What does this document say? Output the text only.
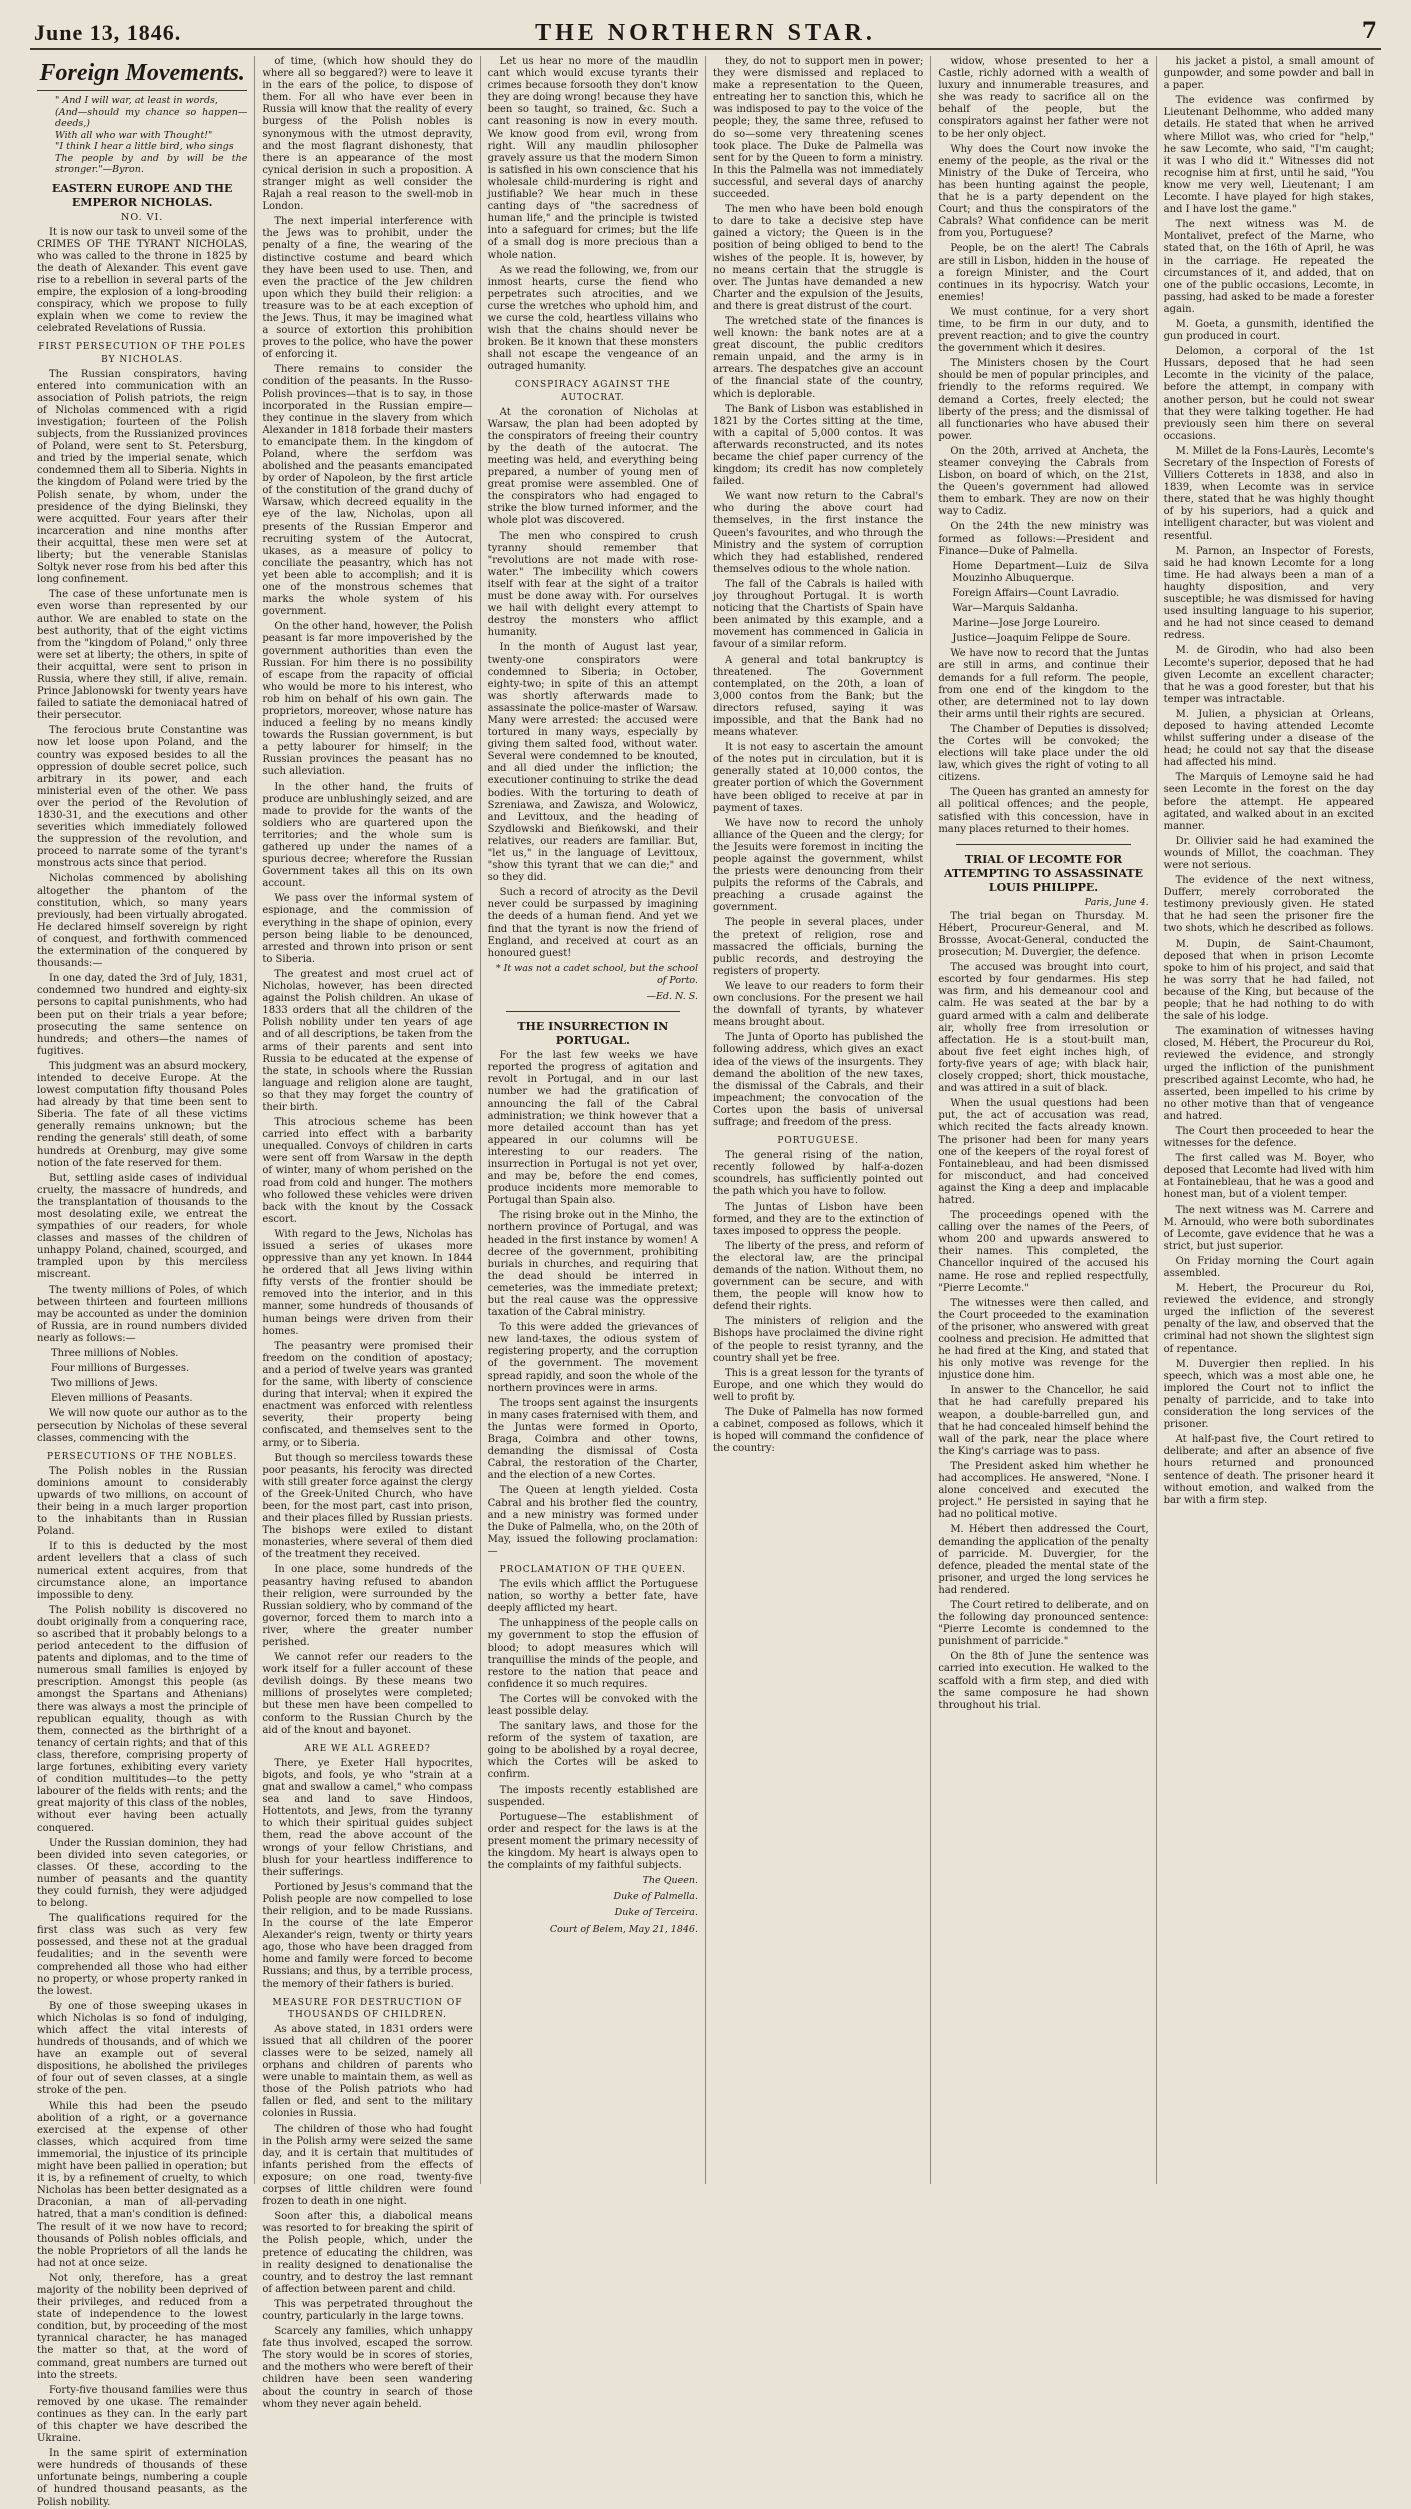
June 13, 1846.	THE NORTHERN STAR.	7
Foreign Movements.
" And I will war, at least in words,
(And—should my chance so happen—deeds,)
With all who war with Thought!"
"I think I hear a little bird, who sings
The people by and by will be the stronger."—Byron.
EASTERN EUROPE AND THE EMPEROR NICHOLAS.
NO. VI.

It is now our task to unveil some of the CRIMES OF THE TYRANT NICHOLAS, who was called to the throne in 1825 by the death of Alexander. This event gave rise to a rebellion in several parts of the empire, the explosion of a long-brooding conspiracy, which we propose to fully explain when we come to review the celebrated Revelations of Russia.

FIRST PERSECUTION OF THE POLES BY NICHOLAS.

The Russian conspirators, having entered into communication with an association of Polish patriots, the reign of Nicholas commenced with a rigid investigation; fourteen of the Polish subjects, from the Russianized provinces of Poland, were sent to St. Petersburg, and tried by the imperial senate, which condemned them all to Siberia. Nights in the kingdom of Poland were tried by the Polish senate, by whom, under the presidence of the dying Bielinski, they were acquitted. Four years after their incarceration and nine months after their acquittal, these men were set at liberty; but the venerable Stanislas Soltyk never rose from his bed after this long confinement.

The case of these unfortunate men is even worse than represented by our author. We are enabled to state on the best authority, that of the eight victims from the "kingdom of Poland," only three were set at liberty; the others, in spite of their acquittal, were sent to prison in Russia, where they still, if alive, remain. Prince Jablonowski for twenty years have failed to satiate the demoniacal hatred of their persecutor.

The ferocious brute Constantine was now let loose upon Poland, and the country was exposed besides to all the oppression of double secret police, such arbitrary in its power, and each ministerial even of the other. We pass over the period of the Revolution of 1830-31, and the executions and other severities which immediately followed the suppression of the revolution, and proceed to narrate some of the tyrant's monstrous acts since that period.

Nicholas commenced by abolishing altogether the phantom of the constitution, which, so many years previously, had been virtually abrogated. He declared himself sovereign by right of conquest, and forthwith commenced the extermination of the conquered by thousands:—

In one day, dated the 3rd of July, 1831, condemned two hundred and eighty-six persons to capital punishments, who had been put on their trials a year before; prosecuting the same sentence on hundreds; and others—the names of fugitives.

This judgment was an absurd mockery, intended to deceive Europe. At the lowest computation fifty thousand Poles had already by that time been sent to Siberia. The fate of all these victims generally remains unknown; but the rending the generals' still death, of some hundreds at Orenburg, may give some notion of the fate reserved for them.

But, settling aside cases of individual cruelty, the massacre of hundreds, and the transplantation of thousands to the most desolating exile, we entreat the sympathies of our readers, for whole classes and masses of the children of unhappy Poland, chained, scourged, and trampled upon by this merciless miscreant.

The twenty millions of Poles, of which between thirteen and fourteen millions may be accounted as under the dominion of Russia, are in round numbers divided nearly as follows:—

Three millions of Nobles.

Four millions of Burgesses.

Two millions of Jews.

Eleven millions of Peasants.

We will now quote our author as to the persecution by Nicholas of these several classes, commencing with the

PERSECUTIONS OF THE NOBLES.

The Polish nobles in the Russian dominions amount to considerably upwards of two millions, on account of their being in a much larger proportion to the inhabitants than in Russian Poland.

If to this is deducted by the most ardent levellers that a class of such numerical extent acquires, from that circumstance alone, an importance impossible to deny.

The Polish nobility is discovered no doubt originally from a conquering race, so ascribed that it probably belongs to a period antecedent to the diffusion of patents and diplomas, and to the time of numerous small families is enjoyed by prescription. Amongst this people (as amongst the Spartans and Athenians) there was always a most the principle of republican equality, though as with them, connected as the birthright of a tenancy of certain rights; and that of this class, therefore, comprising property of large fortunes, exhibiting every variety of condition multitudes—to the petty labourer of the fields with rents; and the great majority of this class of the nobles, without ever having been actually conquered.

Under the Russian dominion, they had been divided into seven categories, or classes. Of these, according to the number of peasants and the quantity they could furnish, they were adjudged to belong.

The qualifications required for the first class was such as very few possessed, and these not at the gradual feudalities; and in the seventh were comprehended all those who had either no property, or whose property ranked in the lowest.

By one of those sweeping ukases in which Nicholas is so fond of indulging, which affect the vital interests of hundreds of thousands, and of which we have an example out of several dispositions, he abolished the privileges of four out of seven classes, at a single stroke of the pen.

While this had been the pseudo abolition of a right, or a governance exercised at the expense of other classes, which acquired from time immemorial, the injustice of its principle might have been pallied in operation; but it is, by a refinement of cruelty, to which Nicholas has been better designated as a Draconian, a man of all-pervading hatred, that a man's condition is defined: The result of it we now have to record; thousands of Polish nobles officials, and the noble Proprietors of all the lands he had not at once seize.

Not only, therefore, has a great majority of the nobility been deprived of their privileges, and reduced from a state of independence to the lowest condition, but, by proceeding of the most tyrannical character, he has managed the matter so that, at the word of command, great numbers are turned out into the streets.

Forty-five thousand families were thus removed by one ukase. The remainder continues as they can. In the early part of this chapter we have described the Ukraine.

In the same spirit of extermination were hundreds of thousands of these unfortunate beings, numbering a couple of hundred thousand peasants, as the Polish nobility.

of time, (which how should they do where all so beggared?) were to leave it in the ears of the police, to dispose of them. For all who have ever been in Russia will know that the reality of every burgess of the Polish nobles is synonymous with the utmost depravity, and the most flagrant dishonesty, that there is an appearance of the most cynical derision in such a proposition. A stranger might as well consider the Rajah a real reason to the swell-mob in London.

The next imperial interference with the Jews was to prohibit, under the penalty of a fine, the wearing of the distinctive costume and beard which they have been used to use. Then, and even the practice of the Jew children upon which they build their religion: a treasure was to be at each exception of the Jews. Thus, it may be imagined what a source of extortion this prohibition proves to the police, who have the power of enforcing it.

There remains to consider the condition of the peasants. In the Russo-Polish provinces—that is to say, in those incorporated in the Russian empire—they continue in the slavery from which Alexander in 1818 forbade their masters to emancipate them. In the kingdom of Poland, where the serfdom was abolished and the peasants emancipated by order of Napoleon, by the first article of the constitution of the grand duchy of Warsaw, which decreed equality in the eye of the law, Nicholas, upon all presents of the Russian Emperor and recruiting system of the Autocrat, ukases, as a measure of policy to conciliate the peasantry, which has not yet been able to accomplish; and it is one of the monstrous schemes that marks the whole system of his government.

On the other hand, however, the Polish peasant is far more impoverished by the government authorities than even the Russian. For him there is no possibility of escape from the rapacity of official who would be more to his interest, who rob him on behalf of his own gain. The proprietors, moreover, whose nature has induced a feeling by no means kindly towards the Russian government, is but a petty labourer for himself; in the Russian provinces the peasant has no such alleviation.

In the other hand, the fruits of produce are unblushingly seized, and are made to provide for the wants of the soldiers who are quartered upon the territories; and the whole sum is gathered up under the names of a spurious decree; wherefore the Russian Government takes all this on its own account.

We pass over the informal system of espionage, and the commission of everything in the shape of opinion, every person being liable to be denounced, arrested and thrown into prison or sent to Siberia.

The greatest and most cruel act of Nicholas, however, has been directed against the Polish children. An ukase of 1833 orders that all the children of the Polish nobility under ten years of age and of all descriptions, be taken from the arms of their parents and sent into Russia to be educated at the expense of the state, in schools where the Russian language and religion alone are taught, so that they may forget the country of their birth.

This atrocious scheme has been carried into effect with a barbarity unequalled. Convoys of children in carts were sent off from Warsaw in the depth of winter, many of whom perished on the road from cold and hunger. The mothers who followed these vehicles were driven back with the knout by the Cossack escort.

With regard to the Jews, Nicholas has issued a series of ukases more oppressive than any yet known. In 1844 he ordered that all Jews living within fifty versts of the frontier should be removed into the interior, and in this manner, some hundreds of thousands of human beings were driven from their homes.

The peasantry were promised their freedom on the condition of apostacy; and a period of twelve years was granted for the same, with liberty of conscience during that interval; when it expired the enactment was enforced with relentless severity, their property being confiscated, and themselves sent to the army, or to Siberia.

But though so merciless towards these poor peasants, his ferocity was directed with still greater force against the clergy of the Greek-United Church, who have been, for the most part, cast into prison, and their places filled by Russian priests. The bishops were exiled to distant monasteries, where several of them died of the treatment they received.

In one place, some hundreds of the peasantry having refused to abandon their religion, were surrounded by the Russian soldiery, who by command of the governor, forced them to march into a river, where the greater number perished.

We cannot refer our readers to the work itself for a fuller account of these devilish doings. By these means two millions of proselytes were completed; but these men have been compelled to conform to the Russian Church by the aid of the knout and bayonet.

ARE WE ALL AGREED?

There, ye Exeter Hall hypocrites, bigots, and fools, ye who "strain at a gnat and swallow a camel," who compass sea and land to save Hindoos, Hottentots, and Jews, from the tyranny to which their spiritual guides subject them, read the above account of the wrongs of your fellow Christians, and blush for your heartless indifference to their sufferings.

Portioned by Jesus's command that the Polish people are now compelled to lose their religion, and to be made Russians. In the course of the late Emperor Alexander's reign, twenty or thirty years ago, those who have been dragged from home and family were forced to become Russians; and thus, by a terrible process, the memory of their fathers is buried.

MEASURE FOR DESTRUCTION OF THOUSANDS OF CHILDREN.

As above stated, in 1831 orders were issued that all children of the poorer classes were to be seized, namely all orphans and children of parents who were unable to maintain them, as well as those of the Polish patriots who had fallen or fled, and sent to the military colonies in Russia.

The children of those who had fought in the Polish army were seized the same day, and it is certain that multitudes of infants perished from the effects of exposure; on one road, twenty-five corpses of little children were found frozen to death in one night.

Soon after this, a diabolical means was resorted to for breaking the spirit of the Polish people, which, under the pretence of educating the children, was in reality designed to denationalise the country, and to destroy the last remnant of affection between parent and child.

This was perpetrated throughout the country, particularly in the large towns.

Scarcely any families, which unhappy fate thus involved, escaped the sorrow. The story would be in scores of stories, and the mothers who were bereft of their children have been seen wandering about the country in search of those whom they never again beheld.

Let us hear no more of the maudlin cant which would excuse tyrants their crimes because forsooth they don't know they are doing wrong! because they have been so taught, so trained, &c. Such a cant reasoning is now in every mouth. We know good from evil, wrong from right. Will any maudlin philosopher gravely assure us that the modern Simon is satisfied in his own conscience that his wholesale child-murdering is right and justifiable? We hear much in these canting days of "the sacredness of human life," and the principle is twisted into a safeguard for crimes; but the life of a small dog is more precious than a whole nation.

As we read the following, we, from our inmost hearts, curse the fiend who perpetrates such atrocities, and we curse the wretches who uphold him, and we curse the cold, heartless villains who wish that the chains should never be broken. Be it known that these monsters shall not escape the vengeance of an outraged humanity.

CONSPIRACY AGAINST THE AUTOCRAT.

At the coronation of Nicholas at Warsaw, the plan had been adopted by the conspirators of freeing their country by the death of the autocrat. The meeting was held, and everything being prepared, a number of young men of great promise were assembled. One of the conspirators who had engaged to strike the blow turned informer, and the whole plot was discovered.

The men who conspired to crush tyranny should remember that "revolutions are not made with rose-water." The imbecility which cowers itself with fear at the sight of a traitor must be done away with. For ourselves we hail with delight every attempt to destroy the monsters who afflict humanity.

In the month of August last year, twenty-one conspirators were condemned to Siberia; in October, eighty-two; in spite of this an attempt was shortly afterwards made to assassinate the police-master of Warsaw. Many were arrested: the accused were tortured in many ways, especially by giving them salted food, without water. Several were condemned to be knouted, and all died under the infliction; the executioner continuing to strike the dead bodies. With the torturing to death of Szreniawa, and Zawisza, and Wolowicz, and Levittoux, and the heading of Szydlowski and Bieńkowski, and their relatives, our readers are familiar. But, "let us," in the language of Levittoux, "show this tyrant that we can die;" and so they did.

Such a record of atrocity as the Devil never could be surpassed by imagining the deeds of a human fiend. And yet we find that the tyrant is now the friend of England, and received at court as an honoured guest!

* It was not a cadet school, but the school of Porto.
—Ed. N. S.
THE INSURRECTION IN PORTUGAL.

For the last few weeks we have reported the progress of agitation and revolt in Portugal, and in our last number we had the gratification of announcing the fall of the Cabral administration; we think however that a more detailed account than has yet appeared in our columns will be interesting to our readers. The insurrection in Portugal is not yet over, and may be, before the end comes, produce incidents more memorable to Portugal than Spain also.

The rising broke out in the Minho, the northern province of Portugal, and was headed in the first instance by women! A decree of the government, prohibiting burials in churches, and requiring that the dead should be interred in cemeteries, was the immediate pretext; but the real cause was the oppressive taxation of the Cabral ministry.

To this were added the grievances of new land-taxes, the odious system of registering property, and the corruption of the government. The movement spread rapidly, and soon the whole of the northern provinces were in arms.

The troops sent against the insurgents in many cases fraternised with them, and the Juntas were formed in Oporto, Braga, Coimbra and other towns, demanding the dismissal of Costa Cabral, the restoration of the Charter, and the election of a new Cortes.

The Queen at length yielded. Costa Cabral and his brother fled the country, and a new ministry was formed under the Duke of Palmella, who, on the 20th of May, issued the following proclamation:—

PROCLAMATION OF THE QUEEN.

The evils which afflict the Portuguese nation, so worthy a better fate, have deeply afflicted my heart.

The unhappiness of the people calls on my government to stop the effusion of blood; to adopt measures which will tranquillise the minds of the people, and restore to the nation that peace and confidence it so much requires.

The Cortes will be convoked with the least possible delay.

The sanitary laws, and those for the reform of the system of taxation, are going to be abolished by a royal decree, which the Cortes will be asked to confirm.

The imposts recently established are suspended.

Portuguese—The establishment of order and respect for the laws is at the present moment the primary necessity of the kingdom. My heart is always open to the complaints of my faithful subjects.

The Queen.
Duke of Palmella.
Duke of Terceira.
Court of Belem, May 21, 1846.

they, do not to support men in power; they were dismissed and replaced to make a representation to the Queen, entreating her to sanction this, which he was indisposed to pay to the voice of the people; they, the same three, refused to do so—some very threatening scenes took place. The Duke de Palmella was sent for by the Queen to form a ministry. In this the Palmella was not immediately successful, and several days of anarchy succeeded.

The men who have been bold enough to dare to take a decisive step have gained a victory; the Queen is in the position of being obliged to bend to the wishes of the people. It is, however, by no means certain that the struggle is over. The Juntas have demanded a new Charter and the expulsion of the Jesuits, and there is great distrust of the court.

The wretched state of the finances is well known: the bank notes are at a great discount, the public creditors remain unpaid, and the army is in arrears. The despatches give an account of the financial state of the country, which is deplorable.

The Bank of Lisbon was established in 1821 by the Cortes sitting at the time, with a capital of 5,000 contos. It was afterwards reconstructed, and its notes became the chief paper currency of the kingdom; its credit has now completely failed.

We want now return to the Cabral's who during the above court had themselves, in the first instance the Queen's favourites, and who through the Ministry and the system of corruption which they had established, rendered themselves odious to the whole nation.

The fall of the Cabrals is hailed with joy throughout Portugal. It is worth noticing that the Chartists of Spain have been animated by this example, and a movement has commenced in Galicia in favour of a similar reform.

A general and total bankruptcy is threatened. The Government contemplated, on the 20th, a loan of 3,000 contos from the Bank; but the directors refused, saying it was impossible, and that the Bank had no means whatever.

It is not easy to ascertain the amount of the notes put in circulation, but it is generally stated at 10,000 contos, the greater portion of which the Government have been obliged to receive at par in payment of taxes.

We have now to record the unholy alliance of the Queen and the clergy; for the Jesuits were foremost in inciting the people against the government, whilst the priests were denouncing from their pulpits the reforms of the Cabrals, and preaching a crusade against the government.

The people in several places, under the pretext of religion, rose and massacred the officials, burning the public records, and destroying the registers of property.

We leave to our readers to form their own conclusions. For the present we hail the downfall of tyrants, by whatever means brought about.

The Junta of Oporto has published the following address, which gives an exact idea of the views of the insurgents. They demand the abolition of the new taxes, the dismissal of the Cabrals, and their impeachment; the convocation of the Cortes upon the basis of universal suffrage; and freedom of the press.

PORTUGUESE.

The general rising of the nation, recently followed by half-a-dozen scoundrels, has sufficiently pointed out the path which you have to follow.

The Juntas of Lisbon have been formed, and they are to the extinction of taxes imposed to oppress the people.

The liberty of the press, and reform of the electoral law, are the principal demands of the nation. Without them, no government can be secure, and with them, the people will know how to defend their rights.

The ministers of religion and the Bishops have proclaimed the divine right of the people to resist tyranny, and the country shall yet be free.

This is a great lesson for the tyrants of Europe, and one which they would do well to profit by.

The Duke of Palmella has now formed a cabinet, composed as follows, which it is hoped will command the confidence of the country:

widow, whose presented to her a Castle, richly adorned with a wealth of luxury and innumerable treasures, and she was ready to sacrifice all on the behalf of the people, but the conspirators against her father were not to be her only object.

Why does the Court now invoke the enemy of the people, as the rival or the Ministry of the Duke of Terceira, who has been hunting against the people, that he is a party dependent on the Court; and thus the conspirators of the Cabrals? What confidence can be merit from you, Portuguese?

People, be on the alert! The Cabrals are still in Lisbon, hidden in the house of a foreign Minister, and the Court continues in its hypocrisy. Watch your enemies!

We must continue, for a very short time, to be firm in our duty, and to prevent reaction; and to give the country the government which it desires.

The Ministers chosen by the Court should be men of popular principles, and friendly to the reforms required. We demand a Cortes, freely elected; the liberty of the press; and the dismissal of all functionaries who have abused their power.

On the 20th, arrived at Ancheta, the steamer conveying the Cabrals from Lisbon, on board of which, on the 21st, the Queen's government had allowed them to embark. They are now on their way to Cadiz.

On the 24th the new ministry was formed as follows:—President and Finance—Duke of Palmella.

Home Department—Luiz de Silva Mouzinho Albuquerque.

Foreign Affairs—Count Lavradio.

War—Marquis Saldanha.

Marine—Jose Jorge Loureiro.

Justice—Joaquim Felippe de Soure.

We have now to record that the Juntas are still in arms, and continue their demands for a full reform. The people, from one end of the kingdom to the other, are determined not to lay down their arms until their rights are secured.

The Chamber of Deputies is dissolved; the Cortes will be convoked; the elections will take place under the old law, which gives the right of voting to all citizens.

The Queen has granted an amnesty for all political offences; and the people, satisfied with this concession, have in many places returned to their homes.

TRIAL OF LECOMTE FOR ATTEMPTING TO ASSASSINATE LOUIS PHILIPPE.
Paris, June 4.

The trial began on Thursday. M. Hébert, Procureur-General, and M. Brossse, Avocat-General, conducted the prosecution; M. Duvergier, the defence.

The accused was brought into court, escorted by four gendarmes. His step was firm, and his demeanour cool and calm. He was seated at the bar by a guard armed with a calm and deliberate air, wholly free from irresolution or affectation. He is a stout-built man, about five feet eight inches high, of forty-five years of age; with black hair, closely cropped; short, thick moustache, and was attired in a suit of black.

When the usual questions had been put, the act of accusation was read, which recited the facts already known. The prisoner had been for many years one of the keepers of the royal forest of Fontainebleau, and had been dismissed for misconduct, and had conceived against the King a deep and implacable hatred.

The proceedings opened with the calling over the names of the Peers, of whom 200 and upwards answered to their names. This completed, the Chancellor inquired of the accused his name. He rose and replied respectfully, "Pierre Lecomte."

The witnesses were then called, and the Court proceeded to the examination of the prisoner, who answered with great coolness and precision. He admitted that he had fired at the King, and stated that his only motive was revenge for the injustice done him.

In answer to the Chancellor, he said that he had carefully prepared his weapon, a double-barrelled gun, and that he had concealed himself behind the wall of the park, near the place where the King's carriage was to pass.

The President asked him whether he had accomplices. He answered, "None. I alone conceived and executed the project." He persisted in saying that he had no political motive.

M. Hébert then addressed the Court, demanding the application of the penalty of parricide. M. Duvergier, for the defence, pleaded the mental state of the prisoner, and urged the long services he had rendered.

The Court retired to deliberate, and on the following day pronounced sentence: "Pierre Lecomte is condemned to the punishment of parricide."

On the 8th of June the sentence was carried into execution. He walked to the scaffold with a firm step, and died with the same composure he had shown throughout his trial.

his jacket a pistol, a small amount of gunpowder, and some powder and ball in a paper.

The evidence was confirmed by Lieutenant Delhomme, who added many details. He stated that when he arrived where Millot was, who cried for "help," he saw Lecomte, who said, "I'm caught; it was I who did it." Witnesses did not recognise him at first, until he said, "You know me very well, Lieutenant; I am Lecomte. I have played for high stakes, and I have lost the game."

The next witness was M. de Montalivet, prefect of the Marne, who stated that, on the 16th of April, he was in the carriage. He repeated the circumstances of it, and added, that on one of the public occasions, Lecomte, in passing, had asked to be made a forester again.

M. Goeta, a gunsmith, identified the gun produced in court.

Delomon, a corporal of the 1st Hussars, deposed that he had seen Lecomte in the vicinity of the palace, before the attempt, in company with another person, but he could not swear that they were talking together. He had previously seen him there on several occasions.

M. Millet de la Fons-Laurès, Lecomte's Secretary of the Inspection of Forests of Villiers Cotterets in 1838, and also in 1839, when Lecomte was in service there, stated that he was highly thought of by his superiors, had a quick and intelligent character, but was violent and resentful.

M. Parnon, an Inspector of Forests, said he had known Lecomte for a long time. He had always been a man of a haughty disposition, and very susceptible; he was dismissed for having used insulting language to his superior, and he had not since ceased to demand redress.

M. de Girodin, who had also been Lecomte's superior, deposed that he had given Lecomte an excellent character; that he was a good forester, but that his temper was intractable.

M. Julien, a physician at Orleans, deposed to having attended Lecomte whilst suffering under a disease of the head; he could not say that the disease had affected his mind.

The Marquis of Lemoyne said he had seen Lecomte in the forest on the day before the attempt. He appeared agitated, and walked about in an excited manner.

Dr. Ollivier said he had examined the wounds of Millot, the coachman. They were not serious.

The evidence of the next witness, Dufferr, merely corroborated the testimony previously given. He stated that he had seen the prisoner fire the two shots, which he described as follows.

M. Dupin, de Saint-Chaumont, deposed that when in prison Lecomte spoke to him of his project, and said that he was sorry that he had failed, not because of the King, but because of the people; that he had nothing to do with the sale of his lodge.

The examination of witnesses having closed, M. Hébert, the Procureur du Roi, reviewed the evidence, and strongly urged the infliction of the punishment prescribed against Lecomte, who had, he asserted, been impelled to his crime by no other motive than that of vengeance and hatred.

The Court then proceeded to hear the witnesses for the defence.

The first called was M. Boyer, who deposed that Lecomte had lived with him at Fontainebleau, that he was a good and honest man, but of a violent temper.

The next witness was M. Carrere and M. Arnould, who were both subordinates of Lecomte, gave evidence that he was a strict, but just superior.

On Friday morning the Court again assembled.

M. Hebert, the Procureur du Roi, reviewed the evidence, and strongly urged the infliction of the severest penalty of the law, and observed that the criminal had not shown the slightest sign of repentance.

M. Duvergier then replied. In his speech, which was a most able one, he implored the Court not to inflict the penalty of parricide, and to take into consideration the long services of the prisoner.

At half-past five, the Court retired to deliberate; and after an absence of five hours returned and pronounced sentence of death. The prisoner heard it without emotion, and walked from the bar with a firm step.
